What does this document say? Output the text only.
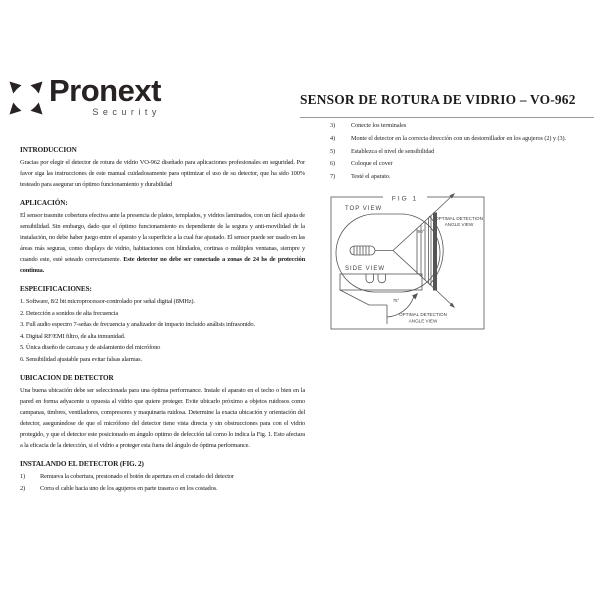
Pronext
Security
SENSOR DE ROTURA DE VIDRIO – VO-962
3)	Conecte los terminales
4)	Monte el detector en la correcta dirección con un destornillador en los agujeros (2) y (3).
5)	Establezca el nivel de sensibilidad
6)	Coloque el cover
7)	Testé el aparato.
FIG 1
TOP VIEW
90°
OPTIMAL DETECTION
ANGLE VIEW
SIDE VIEW
75°
OPTIMAL DETECTION
ANGLE VIEW
INTRODUCCION

Gracias por elegir el detector de rotura de vidrio VO-962 diseñado para aplicaciones profesionales en seguridad. Por favor siga las instrucciones de este manual cuidadosamente para optimizar el uso de su detector, que ha sido 100% testeado para asegurar un óptimo funcionamiento y durabilidad

APLICACIÓN:

El sensor trasmite cobertura efectiva ante la presencia de platos, templados, y vidrios laminados, con un fácil ajusta de sensibilidad. Sin embargo, dado que el óptimo funcionamiento es dependiente de la segura y anti-movilidad de la instalación, no debe haber juego entre el aparato y la superficie a la cual fue ajustado. El sensor puede ser usado en las áreas más seguras, como displays de vidrio, habitaciones con blindados, cortinas o múltiples ventanas, siempre y cuando este, esté seteado correctamente. Este detector no debe ser conectado a zonas de 24 hs de protección continua.

ESPECIFICACIONES:
1. Software, 8/2 bit microprocessor-controlado por señal digital (8MHz).
2. Detección a sonidos de alta frecuencia
3. Full audio espectro 7-señas de frecuencia y analizador de impacto incluido análisis infrasonido.
4. Digital RF/EMI filtro, de alta inmunidad.
5. Única diseño de carcasa y de aislamiento del micrófono
6. Sensibilidad ajustable para evitar falsas alarmas.
UBICACION DE DETECTOR

Una buena ubicación debe ser seleccionada para una óptima performance. Instale el aparato en el techo o bien en la pared en forma adyacente u opuesta al vidrio que quiere proteger. Evite ubicarlo próximo a objetos ruidosos como campanas, timbres, ventiladores, compresores y maquinaria ruidosa. Determine la exacta ubicación y orientación del detector, asegurándose de que el micrófono del detector tiene vista directa y sin obstrucciones para con el vidrio protegido, y que el detector este posicionado en ángulo optimo de defección tal como lo indica la Fig. 1. Esto afectara a la eficacia de la detección, si el vidrio a proteger esta fuera del ángulo de óptima performance.

INSTALANDO EL DETECTOR (FIG. 2)
1)	Remueva la cobertura, presionado el botón de apertura en el costado del detector
2)	Corra el cable hacia uno de los agujeros en parte trasera o en los costados.
